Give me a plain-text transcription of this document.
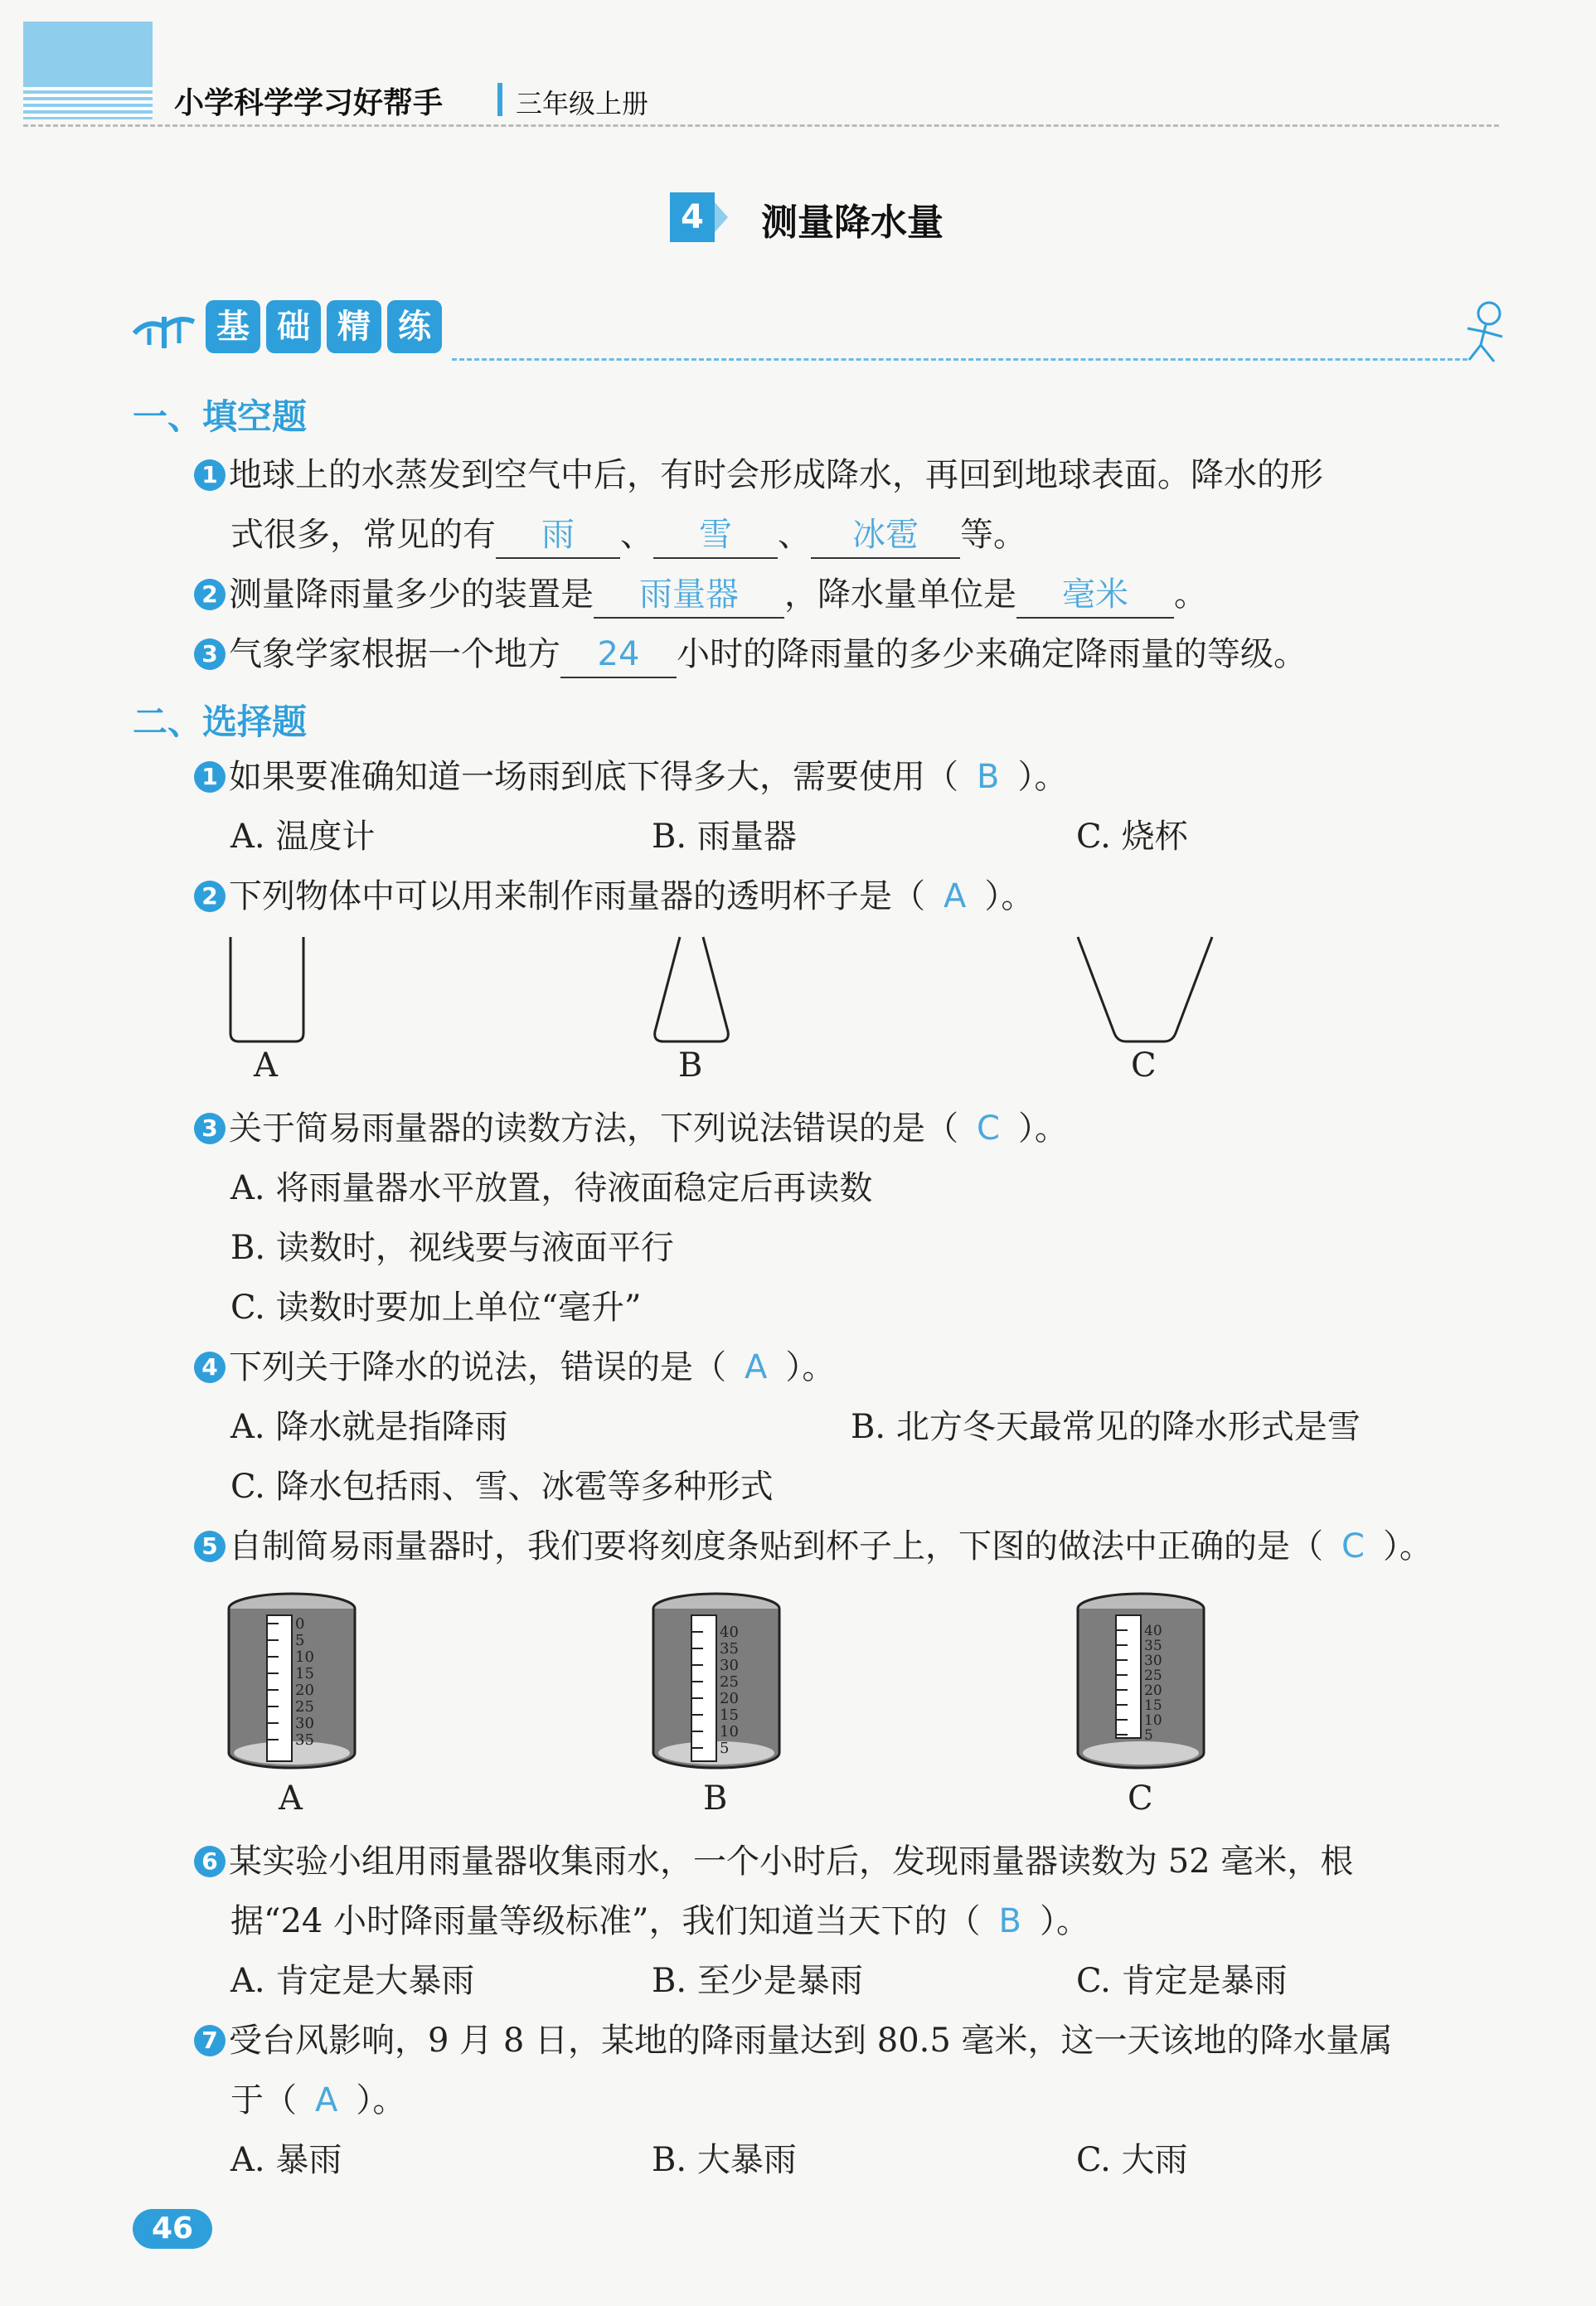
小学科学学习好帮手	三年级上册
4 测量降水量
基 础 精 练
一、填空题
1 地球上的水蒸发到空气中后，有时会形成降水，再回到地球表面。降水的形
式很多，常见的有 雨 、 雪 、 冰雹 等。
2 测量降雨量多少的装置是 雨量器 ，降水量单位是 毫米 。
3 气象学家根据一个地方 24 小时的降雨量的多少来确定降雨量的等级。
二、选择题
1 如果要准确知道一场雨到底下得多大，需要使用（ B ）。
A. 温度计	B. 雨量器	C. 烧杯
2 下列物体中可以用来制作雨量器的透明杯子是（ A ）。
A	B	C
3 关于简易雨量器的读数方法，下列说法错误的是（ C ）。
A. 将雨量器水平放置，待液面稳定后再读数
B. 读数时，视线要与液面平行
C. 读数时要加上单位“毫升”
4 下列关于降水的说法，错误的是（ A ）。
A. 降水就是指降雨	B. 北方冬天最常见的降水形式是雪
C. 降水包括雨、雪、冰雹等多种形式
5 自制简易雨量器时，我们要将刻度条贴到杯子上，下图的做法中正确的是（ C ）。
0
5
10
15
20
25
30
35
40
35
30
25
20
15
10
5
40
35
30
25
20
15
10
5
A	B	C
6 某实验小组用雨量器收集雨水，一个小时后，发现雨量器读数为 52 毫米，根
据“24 小时降雨量等级标准”，我们知道当天下的（ B ）。
A. 肯定是大暴雨	B. 至少是暴雨	C. 肯定是暴雨
7 受台风影响，9 月 8 日，某地的降雨量达到 80.5 毫米，这一天该地的降水量属
于（ A ）。
A. 暴雨	B. 大暴雨	C. 大雨
46
